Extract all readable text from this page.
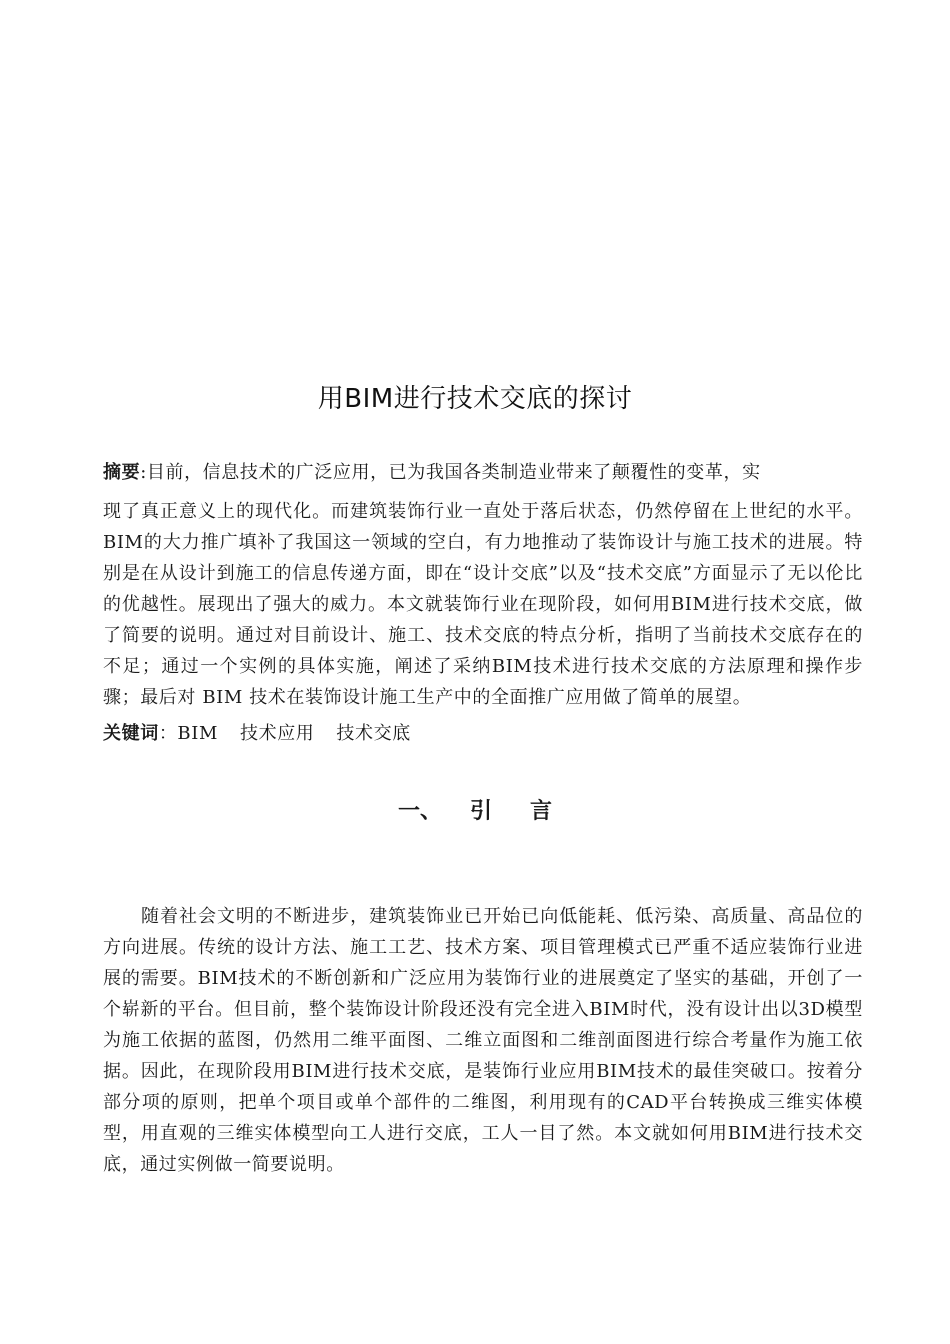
用BIM进行技术交底的探讨

摘要:目前，信息技术的广泛应用，已为我国各类制造业带来了颠覆性的变革，实
现了真正意义上的现代化。而建筑装饰行业一直处于落后状态，仍然停留在上世纪的水平。BIM的大力推广填补了我国这一领域的空白，有力地推动了装饰设计与施工技术的进展。特别是在从设计到施工的信息传递方面，即在“设计交底”以及“技术交底”方面显示了无以伦比的优越性。展现出了强大的威力。本文就装饰行业在现阶段，如何用BIM进行技术交底，做了简要的说明。通过对目前设计、施工、技术交底的特点分析，指明了当前技术交底存在的不足；通过一个实例的具体实施，阐述了采纳BIM技术进行技术交底的方法原理和操作步骤；最后对 BIM 技术在装饰设计施工生产中的全面推广应用做了简单的展望。

关键词：BIM 技术应用 技术交底

一、 引 言

随着社会文明的不断进步，建筑装饰业已开始已向低能耗、低污染、高质量、高品位的方向进展。传统的设计方法、施工工艺、技术方案、项目管理模式已严重不适应装饰行业进展的需要。BIM技术的不断创新和广泛应用为装饰行业的进展奠定了坚实的基础，开创了一个崭新的平台。但目前，整个装饰设计阶段还没有完全进入BIM时代，没有设计出以3D模型为施工依据的蓝图，仍然用二维平面图、二维立面图和二维剖面图进行综合考量作为施工依据。因此，在现阶段用BIM进行技术交底，是装饰行业应用BIM技术的最佳突破口。按着分部分项的原则，把单个项目或单个部件的二维图，利用现有的CAD平台转换成三维实体模型，用直观的三维实体模型向工人进行交底，工人一目了然。本文就如何用BIM进行技术交底，通过实例做一简要说明。
